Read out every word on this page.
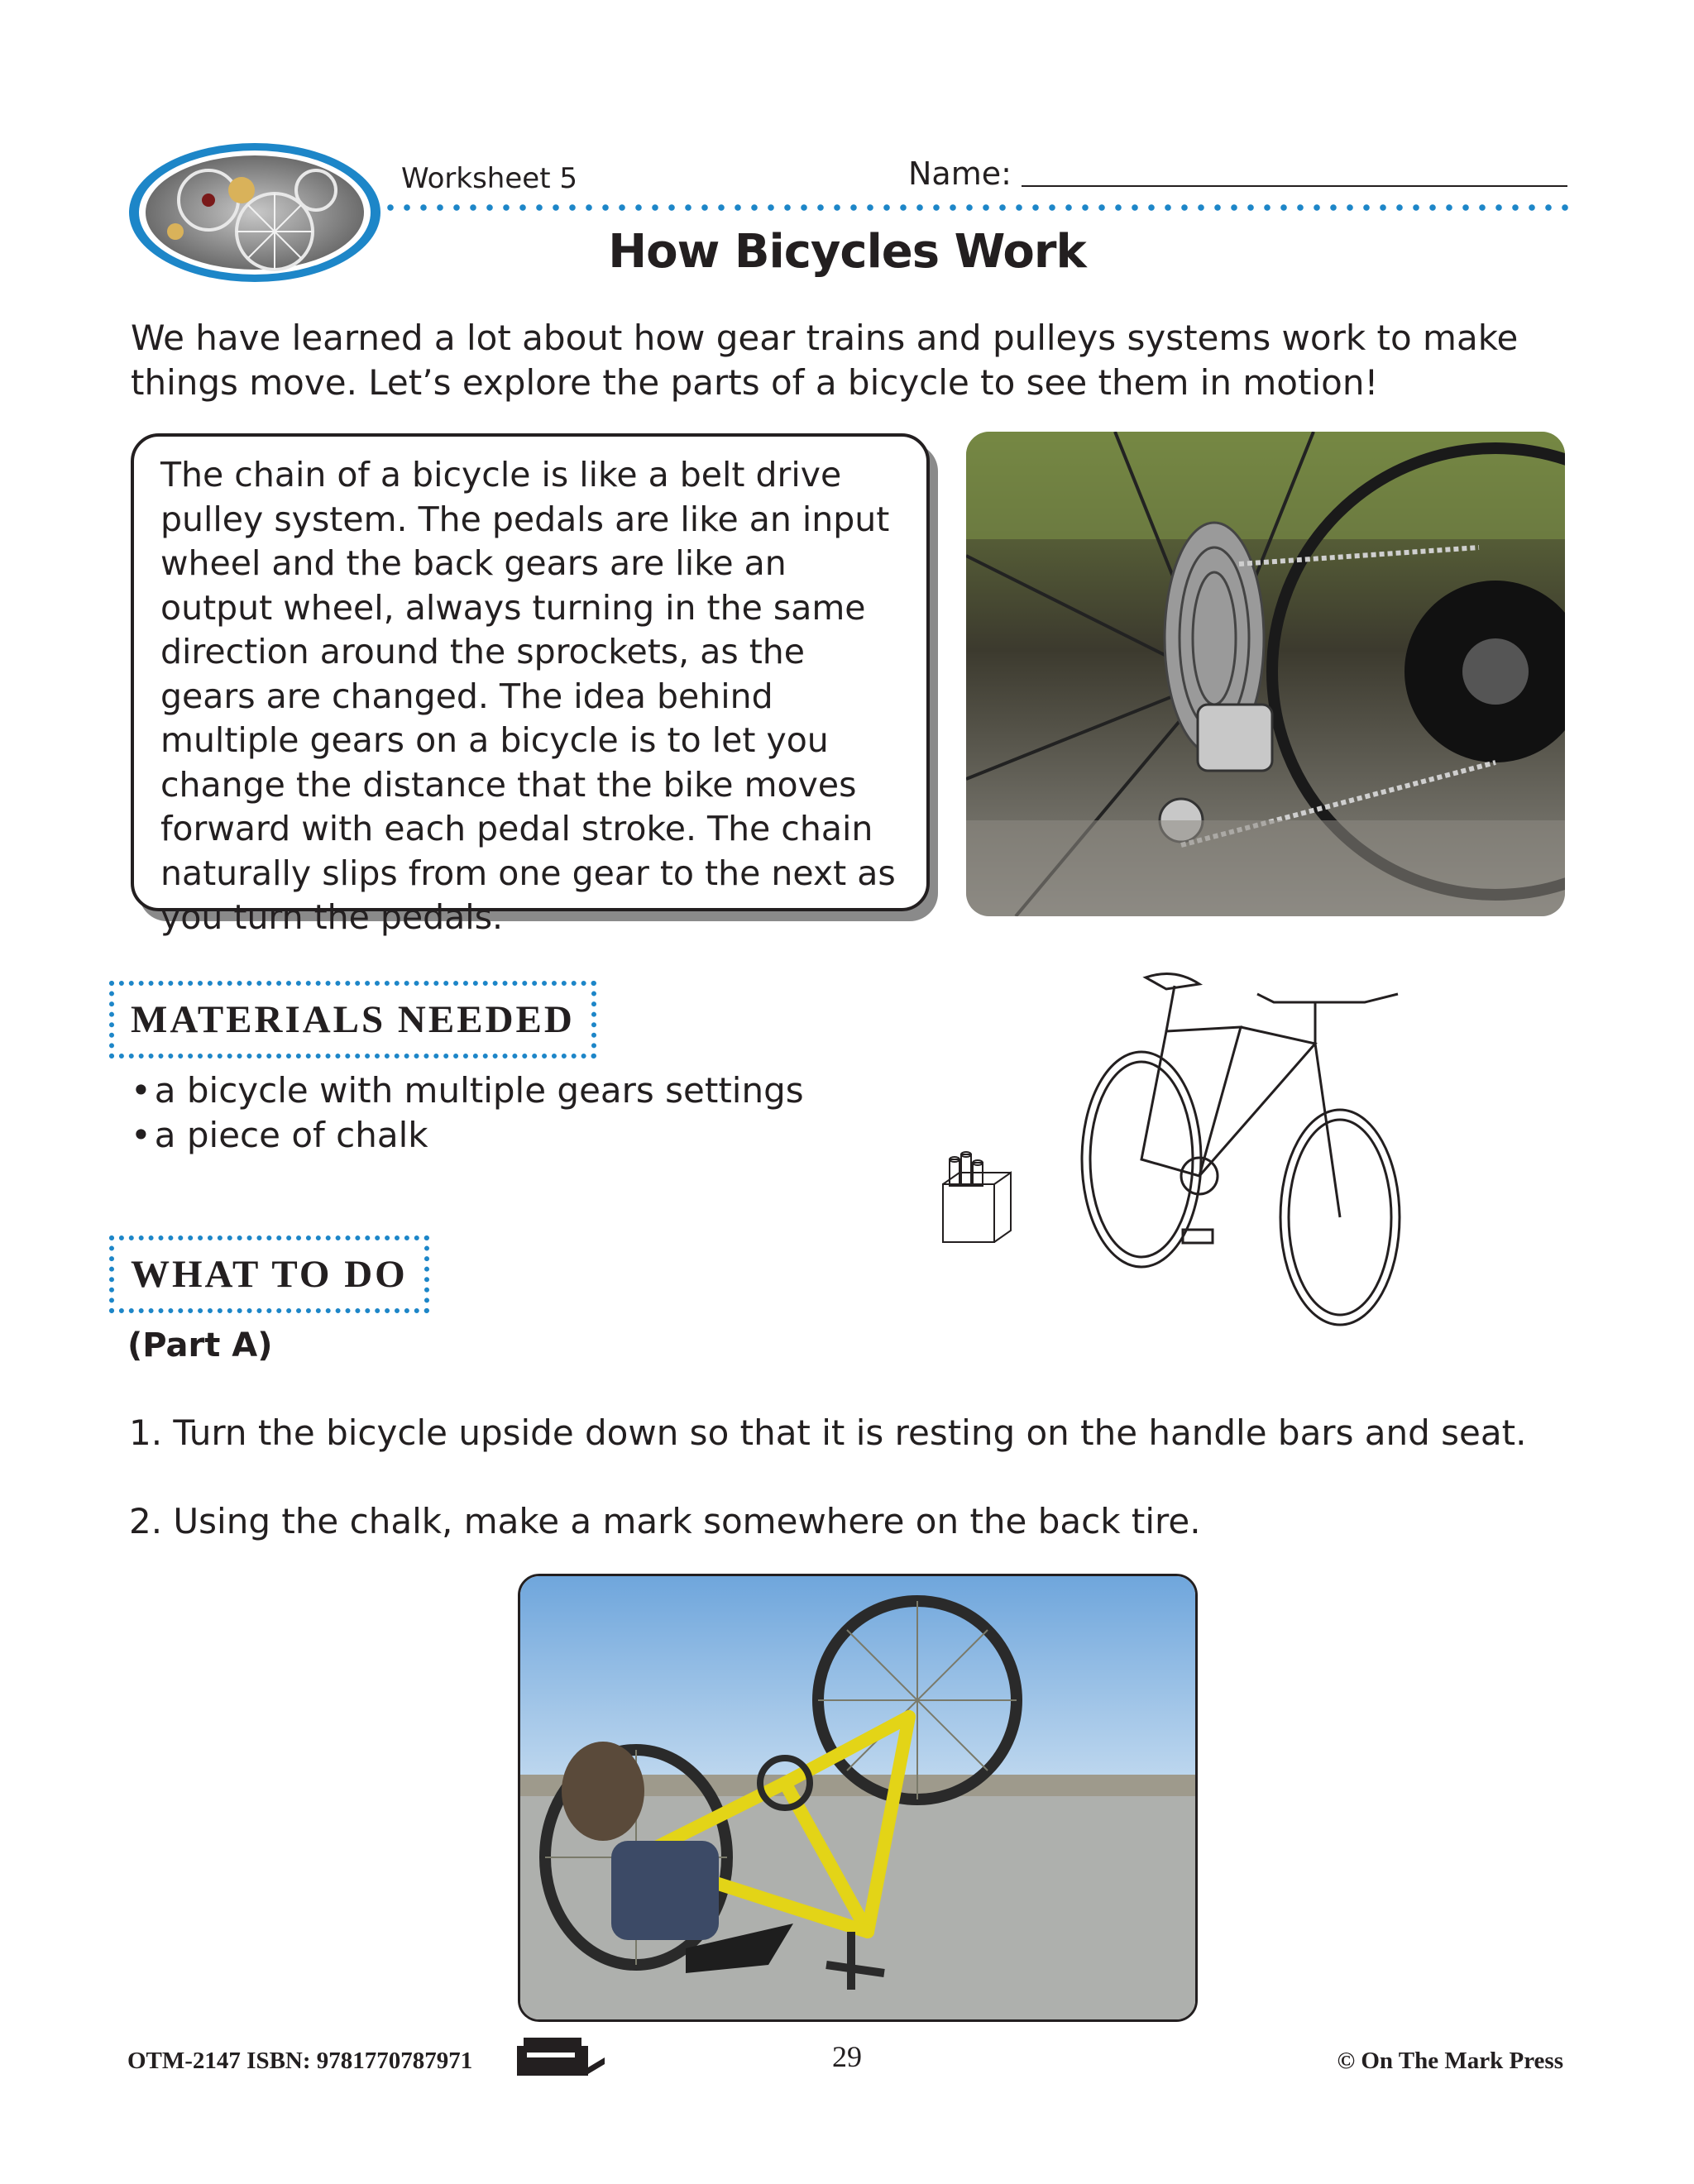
Worksheet 5	Name:
How Bicycles Work

We have learned a lot about how gear trains and pulleys systems work to make things move. Let’s explore the parts of a bicycle to see them in motion!

The chain of a bicycle is like a belt drive pulley system. The pedals are like an input wheel and the back gears are like an output wheel, always turning in the same direction around the sprockets, as the gears are changed. The idea behind multiple gears on a bicycle is to let you change the distance that the bike moves forward with each pedal stroke. The chain naturally slips from one gear to the next as you turn the pedals.

MATERIALS NEEDED
• a bicycle with multiple gears settings
• a piece of chalk
WHAT TO DO
(Part A)
1. Turn the bicycle upside down so that it is resting on the handle bars and seat.
2. Using the chalk, make a mark somewhere on the back tire.
OTM-2147 ISBN: 9781770787971	29	© On The Mark Press
